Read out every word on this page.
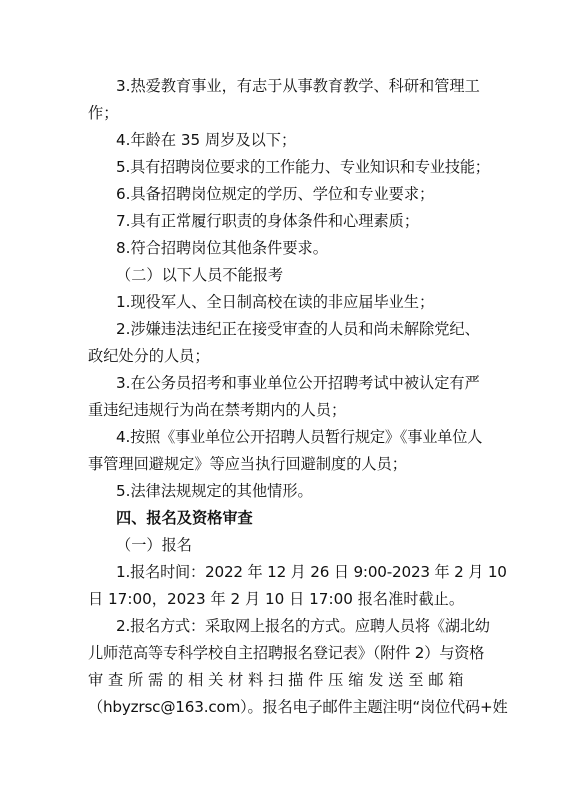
3.热爱教育事业，有志于从事教育教学、科研和管理工
作；
4.年龄在 35 周岁及以下；
5.具有招聘岗位要求的工作能力、专业知识和专业技能；
6.具备招聘岗位规定的学历、学位和专业要求；
7.具有正常履行职责的身体条件和心理素质；
8.符合招聘岗位其他条件要求。
（二）以下人员不能报考
1.现役军人、全日制高校在读的非应届毕业生；
2.涉嫌违法违纪正在接受审查的人员和尚未解除党纪、
政纪处分的人员；
3.在公务员招考和事业单位公开招聘考试中被认定有严
重违纪违规行为尚在禁考期内的人员；
4.按照《事业单位公开招聘人员暂行规定》《事业单位人
事管理回避规定》等应当执行回避制度的人员；
5.法律法规规定的其他情形。
四、报名及资格审查
（一）报名
1.报名时间：2022 年 12 月 26 日 9:00-2023 年 2 月 10
日 17:00，2023 年 2 月 10 日 17:00 报名准时截止。
2.报名方式：采取网上报名的方式。应聘人员将《湖北幼
儿师范高等专科学校自主招聘报名登记表》（附件 2）与资格
审 查 所 需 的 相 关 材 料 扫 描 件 压 缩 发 送 至 邮 箱
（hbyzrsc@163.com）。报名电子邮件主题注明“岗位代码+姓
